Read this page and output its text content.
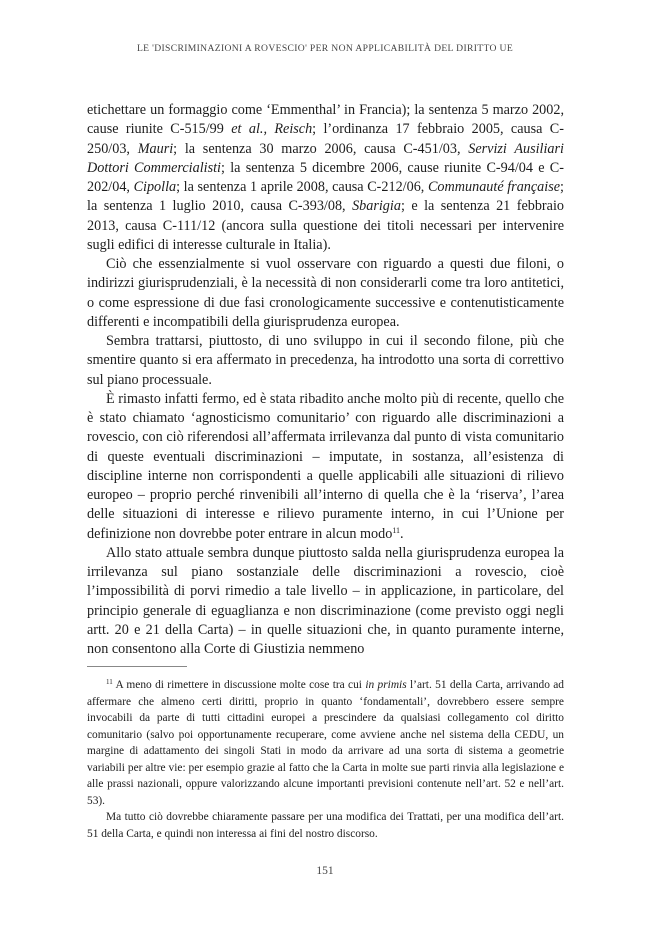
LE 'DISCRIMINAZIONI A ROVESCIO' PER NON APPLICABILITÀ DEL DIRITTO UE

etichettare un formaggio come ‘Emmenthal’ in Francia); la sentenza 5 marzo 2002, cause riunite C-515/99 et al., Reisch; l’ordinanza 17 febbraio 2005, causa C-250/03, Mauri; la sentenza 30 marzo 2006, causa C-451/03, Servizi Ausiliari Dottori Commercialisti; la sentenza 5 dicembre 2006, cause riunite C-94/04 e C-202/04, Cipolla; la sentenza 1 aprile 2008, causa C-212/06, Communauté française; la sentenza 1 luglio 2010, causa C-393/08, Sbarigia; e la sentenza 21 febbraio 2013, causa C-111/12 (ancora sulla questione dei titoli necessari per intervenire sugli edifici di interesse culturale in Italia).

Ciò che essenzialmente si vuol osservare con riguardo a questi due filoni, o indirizzi giurisprudenziali, è la necessità di non considerarli come tra loro antitetici, o come espressione di due fasi cronologicamente successive e contenutisticamente differenti e incompatibili della giurisprudenza europea.

Sembra trattarsi, piuttosto, di uno sviluppo in cui il secondo filone, più che smentire quanto si era affermato in precedenza, ha introdotto una sorta di correttivo sul piano processuale.

È rimasto infatti fermo, ed è stata ribadito anche molto più di recente, quello che è stato chiamato ‘agnosticismo comunitario’ con riguardo alle discriminazioni a rovescio, con ciò riferendosi all’affermata irrilevanza dal punto di vista comunitario di queste eventuali discriminazioni – imputate, in sostanza, all’esistenza di discipline interne non corrispondenti a quelle applicabili alle situazioni di rilievo europeo – proprio perché rinvenibili all’interno di quella che è la ‘riserva’, l’area delle situazioni di interesse e rilievo puramente interno, in cui l’Unione per definizione non dovrebbe poter entrare in alcun modo$^{11}$.

Allo stato attuale sembra dunque piuttosto salda nella giurisprudenza europea la irrilevanza sul piano sostanziale delle discriminazioni a rovescio, cioè l’impossibilità di porvi rimedio a tale livello – in applicazione, in particolare, del principio generale di eguaglianza e non discriminazione (come previsto oggi negli artt. 20 e 21 della Carta) – in quelle situazioni che, in quanto puramente interne, non consentono alla Corte di Giustizia nemmeno

$^{11}$ A meno di rimettere in discussione molte cose tra cui in primis l’art. 51 della Carta, arrivando ad affermare che almeno certi diritti, proprio in quanto ‘fondamentali’, dovrebbero essere sempre invocabili da parte di tutti cittadini europei a prescindere da qualsiasi collegamento col diritto comunitario (salvo poi opportunamente recuperare, come avviene anche nel sistema della CEDU, un margine di adattamento dei singoli Stati in modo da arrivare ad una sorta di sistema a geometrie variabili per altre vie: per esempio grazie al fatto che la Carta in molte sue parti rinvia alla legislazione e alle prassi nazionali, oppure valorizzando alcune importanti previsioni contenute nell’art. 52 e nell’art. 53).

Ma tutto ciò dovrebbe chiaramente passare per una modifica dei Trattati, per una modifica dell’art. 51 della Carta, e quindi non interessa ai fini del nostro discorso.

151
